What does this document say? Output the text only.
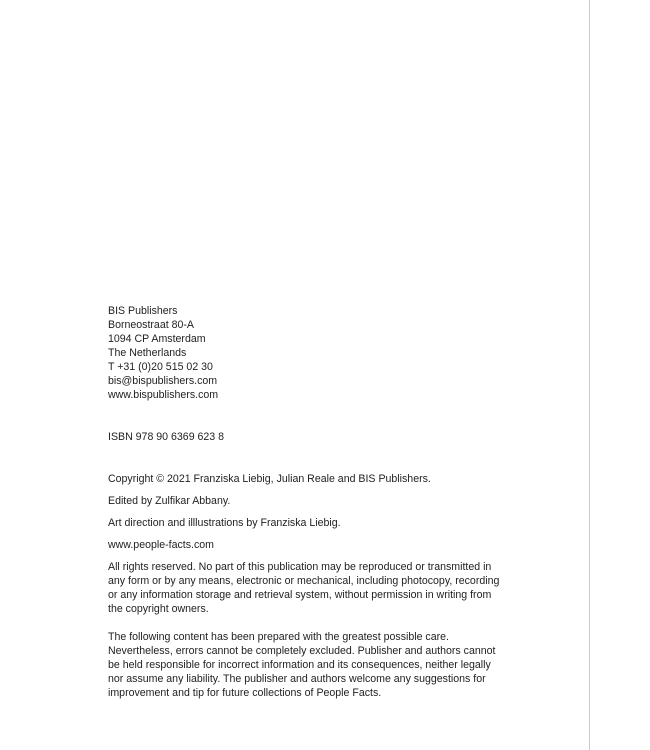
BIS Publishers
Borneostraat 80-A
1094 CP Amsterdam
The Netherlands
T +31 (0)20 515 02 30
bis@bispublishers.com
www.bispublishers.com
ISBN 978 90 6369 623 8
Copyright © 2021 Franziska Liebig, Julian Reale and BIS Publishers.
Edited by Zulfikar Abbany.
Art direction and illlustrations by Franziska Liebig.
www.people-facts.com
All rights reserved. No part of this publication may be reproduced or transmitted in
any form or by any means, electronic or mechanical, including photocopy, recording
or any information storage and retrieval system, without permission in writing from
the copyright owners.
The following content has been prepared with the greatest possible care.
Nevertheless, errors cannot be completely excluded. Publisher and authors cannot
be held responsible for incorrect information and its consequences, neither legally
nor assume any liability. The publisher and authors welcome any suggestions for
improvement and tip for future collections of People Facts.
